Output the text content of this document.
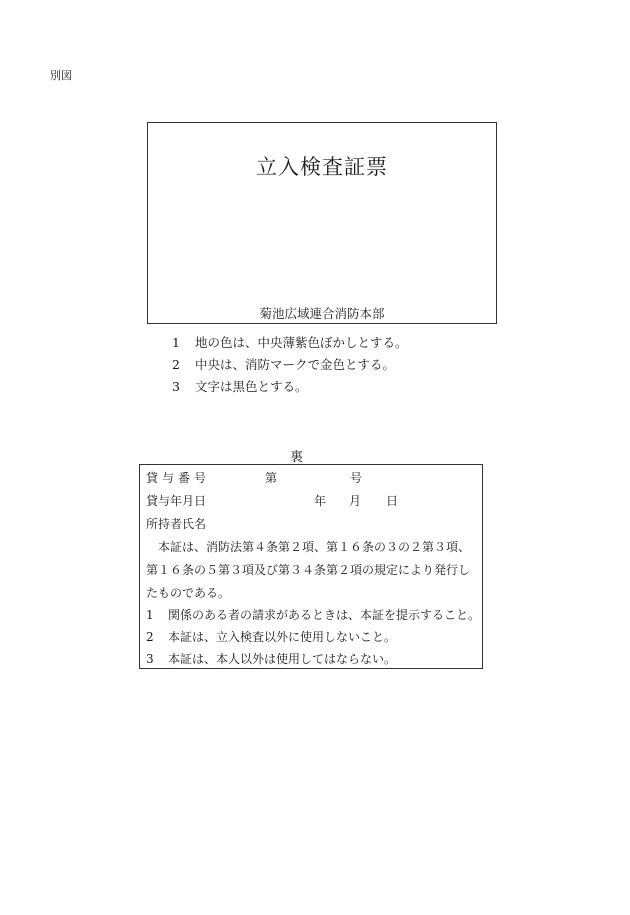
別図
立入検査証票
菊池広域連合消防本部
1 地の色は、中央薄紫色ぼかしとする。
2 中央は、消防マークで金色とする。
3 文字は黒色とする。
裏
貸与番号	第	号
貸与年月日	年 月 日
所持者氏名
本証は、消防法第４条第２項、第１６条の３の２第３項、
第１６条の５第３項及び第３４条第２項の規定により発行し
たものである。
1 関係のある者の請求があるときは、本証を提示すること。
2 本証は、立入検査以外に使用しないこと。
3 本証は、本人以外は使用してはならない。
